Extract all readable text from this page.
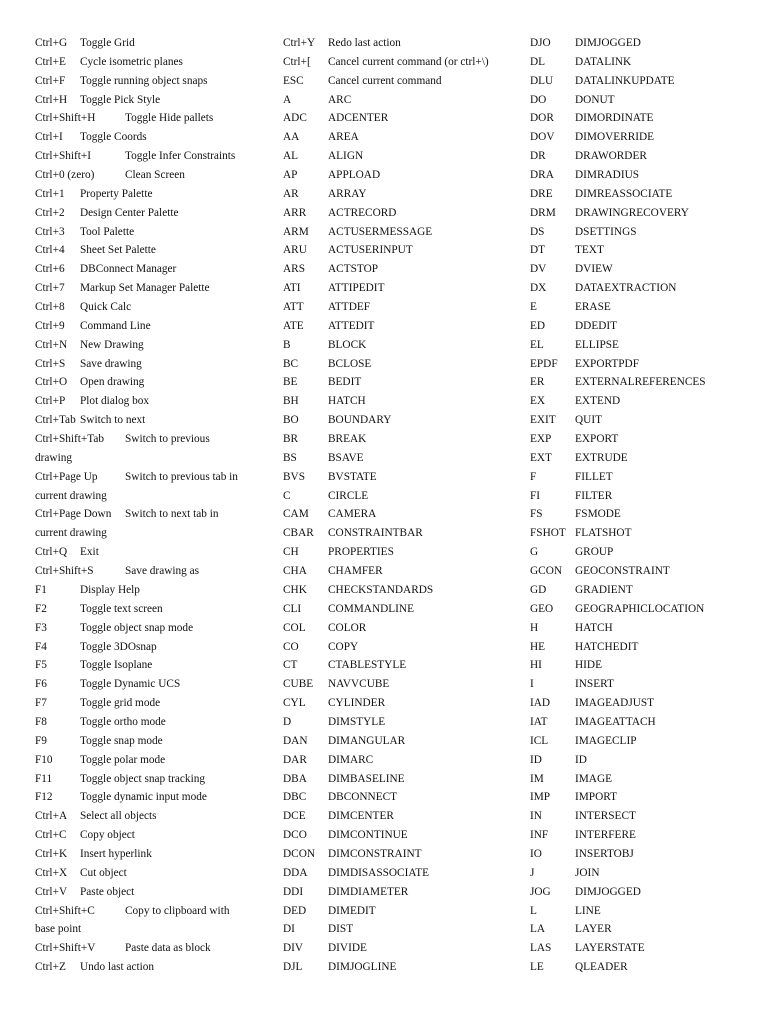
Ctrl+G Toggle Grid
Ctrl+E Cycle isometric planes
Ctrl+F Toggle running object snaps
Ctrl+H Toggle Pick Style
Ctrl+Shift+H	Toggle Hide pallets
Ctrl+I Toggle Coords
Ctrl+Shift+I	Toggle Infer Constraints
Ctrl+0 (zero)	Clean Screen
Ctrl+1 Property Palette
Ctrl+2 Design Center Palette
Ctrl+3 Tool Palette
Ctrl+4 Sheet Set Palette
Ctrl+6 DBConnect Manager
Ctrl+7 Markup Set Manager Palette
Ctrl+8 Quick Calc
Ctrl+9 Command Line
Ctrl+N New Drawing
Ctrl+S Save drawing
Ctrl+O Open drawing
Ctrl+P Plot dialog box
Ctrl+Tab Switch to next
Ctrl+Shift+Tab Switch to previous
drawing
Ctrl+Page Up Switch to previous tab in
current drawing
Ctrl+Page Down Switch to next tab in
current drawing
Ctrl+Q Exit
Ctrl+Shift+S	Save drawing as
F1	Display Help
F2	Toggle text screen
F3	Toggle object snap mode
F4	Toggle 3DOsnap
F5	Toggle Isoplane
F6	Toggle Dynamic UCS
F7	Toggle grid mode
F8	Toggle ortho mode
F9	Toggle snap mode
F10 Toggle polar mode
F11 Toggle object snap tracking
F12 Toggle dynamic input mode
Ctrl+A Select all objects
Ctrl+C Copy object
Ctrl+K Insert hyperlink
Ctrl+X Cut object
Ctrl+V Paste object
Ctrl+Shift+C	Copy to clipboard with
base point
Ctrl+Shift+V	Paste data as block
Ctrl+Z Undo last action
Ctrl+Y Redo last action
Ctrl+[ Cancel current command (or ctrl+\)
ESC Cancel current command
A	ARC
ADC ADCENTER
AA	AREA
AL	ALIGN
AP	APPLOAD
AR	ARRAY
ARR ACTRECORD
ARM ACTUSERMESSAGE
ARU ACTUSERINPUT
ARS ACTSTOP
ATI ATTIPEDIT
ATT ATTDEF
ATE ATTEDIT
B	BLOCK
BC	BCLOSE
BE	BEDIT
BH	HATCH
BO	BOUNDARY
BR	BREAK
BS	BSAVE
BVS BVSTATE
C	CIRCLE
CAM CAMERA
CBAR CONSTRAINTBAR
CH	PROPERTIES
CHA CHAMFER
CHK CHECKSTANDARDS
CLI COMMANDLINE
COL COLOR
CO	COPY
CT	CTABLESTYLE
CUBE NAVVCUBE
CYL CYLINDER
D	DIMSTYLE
DAN DIMANGULAR
DAR DIMARC
DBA DIMBASELINE
DBC DBCONNECT
DCE DIMCENTER
DCO DIMCONTINUE
DCON DIMCONSTRAINT
DDA DIMDISASSOCIATE
DDI DIMDIAMETER
DED DIMEDIT
DI	DIST
DIV DIVIDE
DJL DIMJOGLINE
DJO DIMJOGGED
DL	DATALINK
DLU DATALINKUPDATE
DO	DONUT
DOR DIMORDINATE
DOV DIMOVERRIDE
DR	DRAWORDER
DRA DIMRADIUS
DRE DIMREASSOCIATE
DRM DRAWINGRECOVERY
DS	DSETTINGS
DT	TEXT
DV	DVIEW
DX	DATAEXTRACTION
E	ERASE
ED	DDEDIT
EL	ELLIPSE
EPDF EXPORTPDF
ER	EXTERNALREFERENCES
EX	EXTEND
EXIT QUIT
EXP EXPORT
EXT EXTRUDE
F	FILLET
FI	FILTER
FS	FSMODE
FSHOT FLATSHOT
G	GROUP
GCON GEOCONSTRAINT
GD	GRADIENT
GEO GEOGRAPHICLOCATION
H	HATCH
HE	HATCHEDIT
HI	HIDE
I	INSERT
IAD IMAGEADJUST
IAT IMAGEATTACH
ICL IMAGECLIP
ID	ID
IM	IMAGE
IMP IMPORT
IN	INTERSECT
INF INTERFERE
IO	INSERTOBJ
J	JOIN
JOG DIMJOGGED
L	LINE
LA	LAYER
LAS LAYERSTATE
LE	QLEADER
